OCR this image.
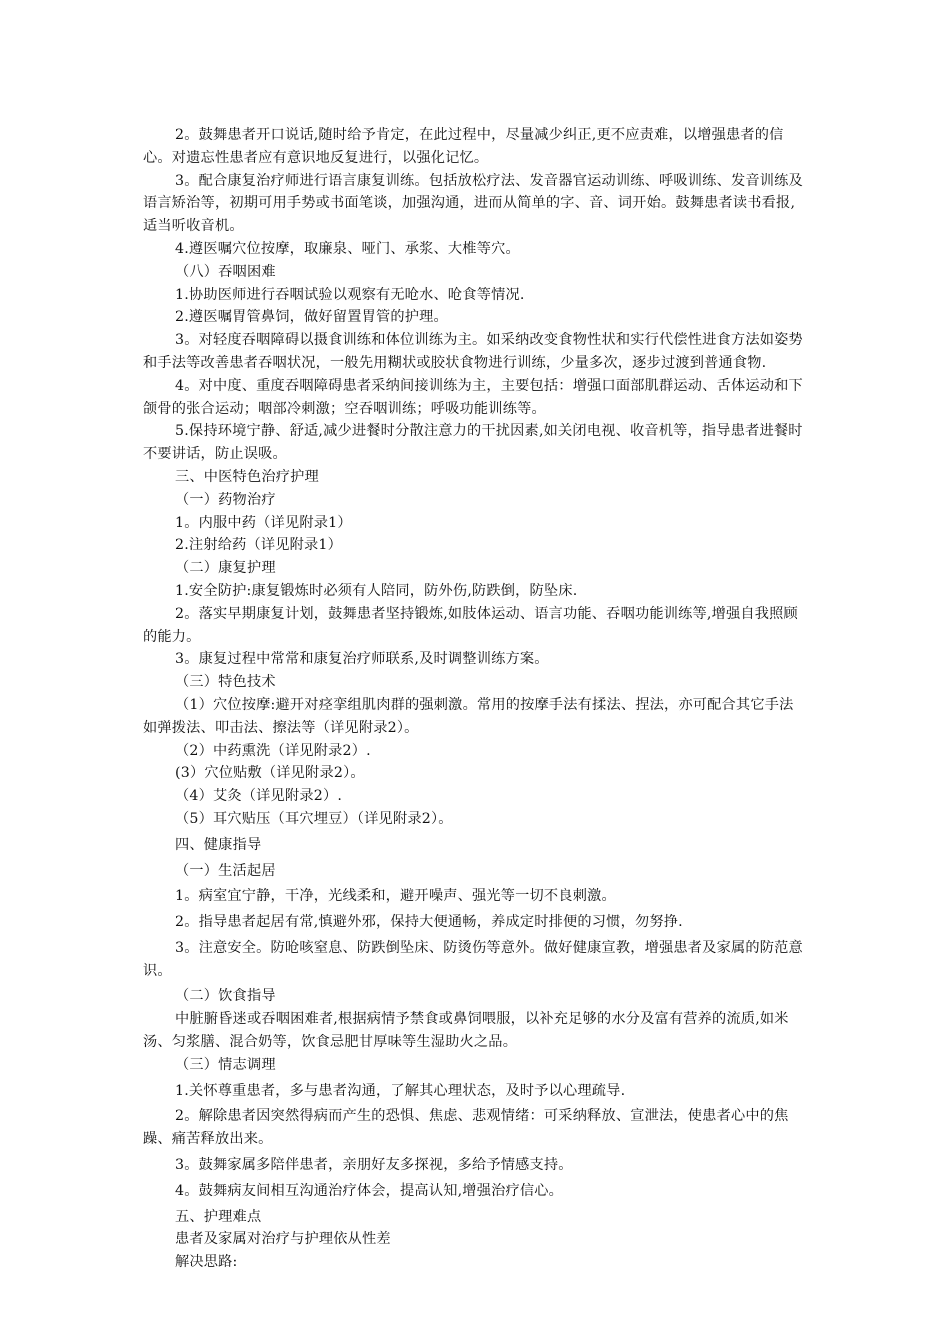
2。鼓舞患者开口说话,随时给予肯定，在此过程中，尽量减少纠正,更不应责难，以增强患者的信心。对遗忘性患者应有意识地反复进行，以强化记忆。

3。配合康复治疗师进行语言康复训练。包括放松疗法、发音器官运动训练、呼吸训练、发音训练及语言矫治等，初期可用手势或书面笔谈，加强沟通，进而从简单的字、音、词开始。鼓舞患者读书看报,适当听收音机。

4.遵医嘱穴位按摩，取廉泉、哑门、承浆、大椎等穴。

（八）吞咽困难

1.协助医师进行吞咽试验以观察有无呛水、呛食等情况.

2.遵医嘱胃管鼻饲，做好留置胃管的护理。

3。对轻度吞咽障碍以摄食训练和体位训练为主。如采纳改变食物性状和实行代偿性进食方法如姿势和手法等改善患者吞咽状况，一般先用糊状或胶状食物进行训练，少量多次，逐步过渡到普通食物.

4。对中度、重度吞咽障碍患者采纳间接训练为主，主要包括：增强口面部肌群运动、舌体运动和下颌骨的张合运动；咽部冷刺激；空吞咽训练；呼吸功能训练等。

5.保持环境宁静、舒适,减少进餐时分散注意力的干扰因素,如关闭电视、收音机等，指导患者进餐时不要讲话，防止误吸。

三、中医特色治疗护理

（一）药物治疗

1。内服中药（详见附录1）

2.注射给药（详见附录1）

（二）康复护理

1.安全防护:康复锻炼时必须有人陪同，防外伤,防跌倒，防坠床.

2。落实早期康复计划，鼓舞患者坚持锻炼,如肢体运动、语言功能、吞咽功能训练等,增强自我照顾的能力。

3。康复过程中常常和康复治疗师联系,及时调整训练方案。

（三）特色技术

（1）穴位按摩:避开对痉挛组肌肉群的强刺激。常用的按摩手法有揉法、捏法，亦可配合其它手法如弹拨法、叩击法、擦法等（详见附录2）。

（2）中药熏洗（详见附录2）.

(3）穴位贴敷（详见附录2）。

（4）艾灸（详见附录2）.

（5）耳穴贴压（耳穴埋豆）（详见附录2）。

四、健康指导

（一）生活起居

1。病室宜宁静，干净，光线柔和，避开噪声、强光等一切不良刺激。

2。指导患者起居有常,慎避外邪，保持大便通畅，养成定时排便的习惯，勿努挣.

3。注意安全。防呛咳窒息、防跌倒坠床、防烫伤等意外。做好健康宣教，增强患者及家属的防范意识。

（二）饮食指导

中脏腑昏迷或吞咽困难者,根据病情予禁食或鼻饲喂服，以补充足够的水分及富有营养的流质,如米汤、匀浆膳、混合奶等，饮食忌肥甘厚味等生湿助火之品。

（三）情志调理

1.关怀尊重患者，多与患者沟通，了解其心理状态，及时予以心理疏导.

2。解除患者因突然得病而产生的恐惧、焦虑、悲观情绪：可采纳释放、宣泄法，使患者心中的焦躁、痛苦释放出来。

3。鼓舞家属多陪伴患者，亲朋好友多探视，多给予情感支持。

4。鼓舞病友间相互沟通治疗体会，提高认知,增强治疗信心。

五、护理难点

患者及家属对治疗与护理依从性差

解决思路:
